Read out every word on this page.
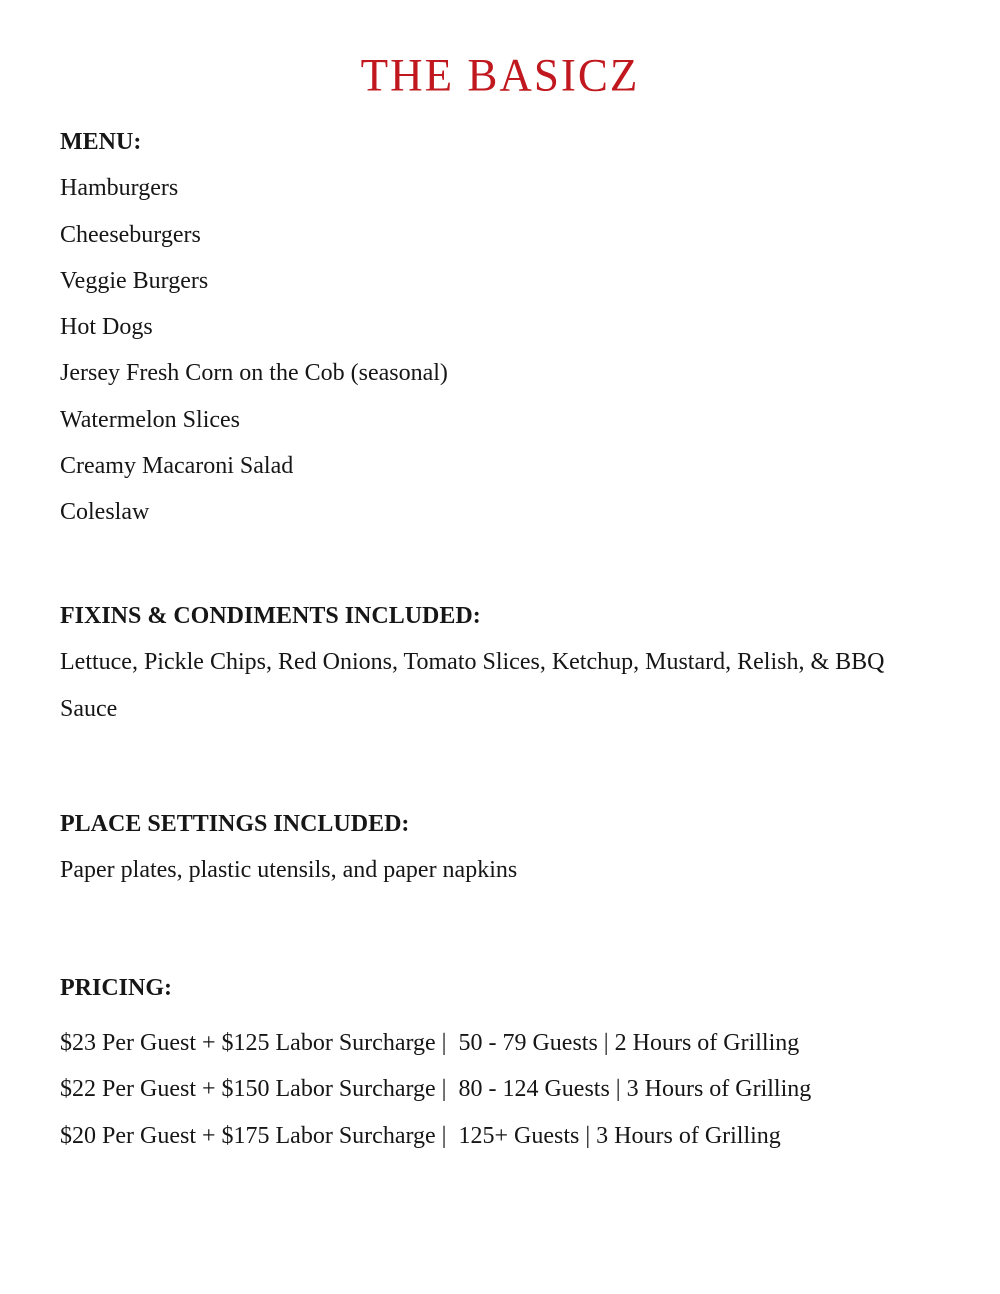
THE BASICZ

MENU:

Hamburgers

Cheeseburgers

Veggie Burgers

Hot Dogs

Jersey Fresh Corn on the Cob (seasonal)

Watermelon Slices

Creamy Macaroni Salad

Coleslaw

FIXINS & CONDIMENTS INCLUDED:

Lettuce, Pickle Chips, Red Onions, Tomato Slices, Ketchup, Mustard, Relish, & BBQ

Sauce

PLACE SETTINGS INCLUDED:

Paper plates, plastic utensils, and paper napkins

PRICING:

$23 Per Guest + $125 Labor Surcharge |  50 - 79 Guests | 2 Hours of Grilling

$22 Per Guest + $150 Labor Surcharge |  80 - 124 Guests | 3 Hours of Grilling

$20 Per Guest + $175 Labor Surcharge |  125+ Guests | 3 Hours of Grilling
